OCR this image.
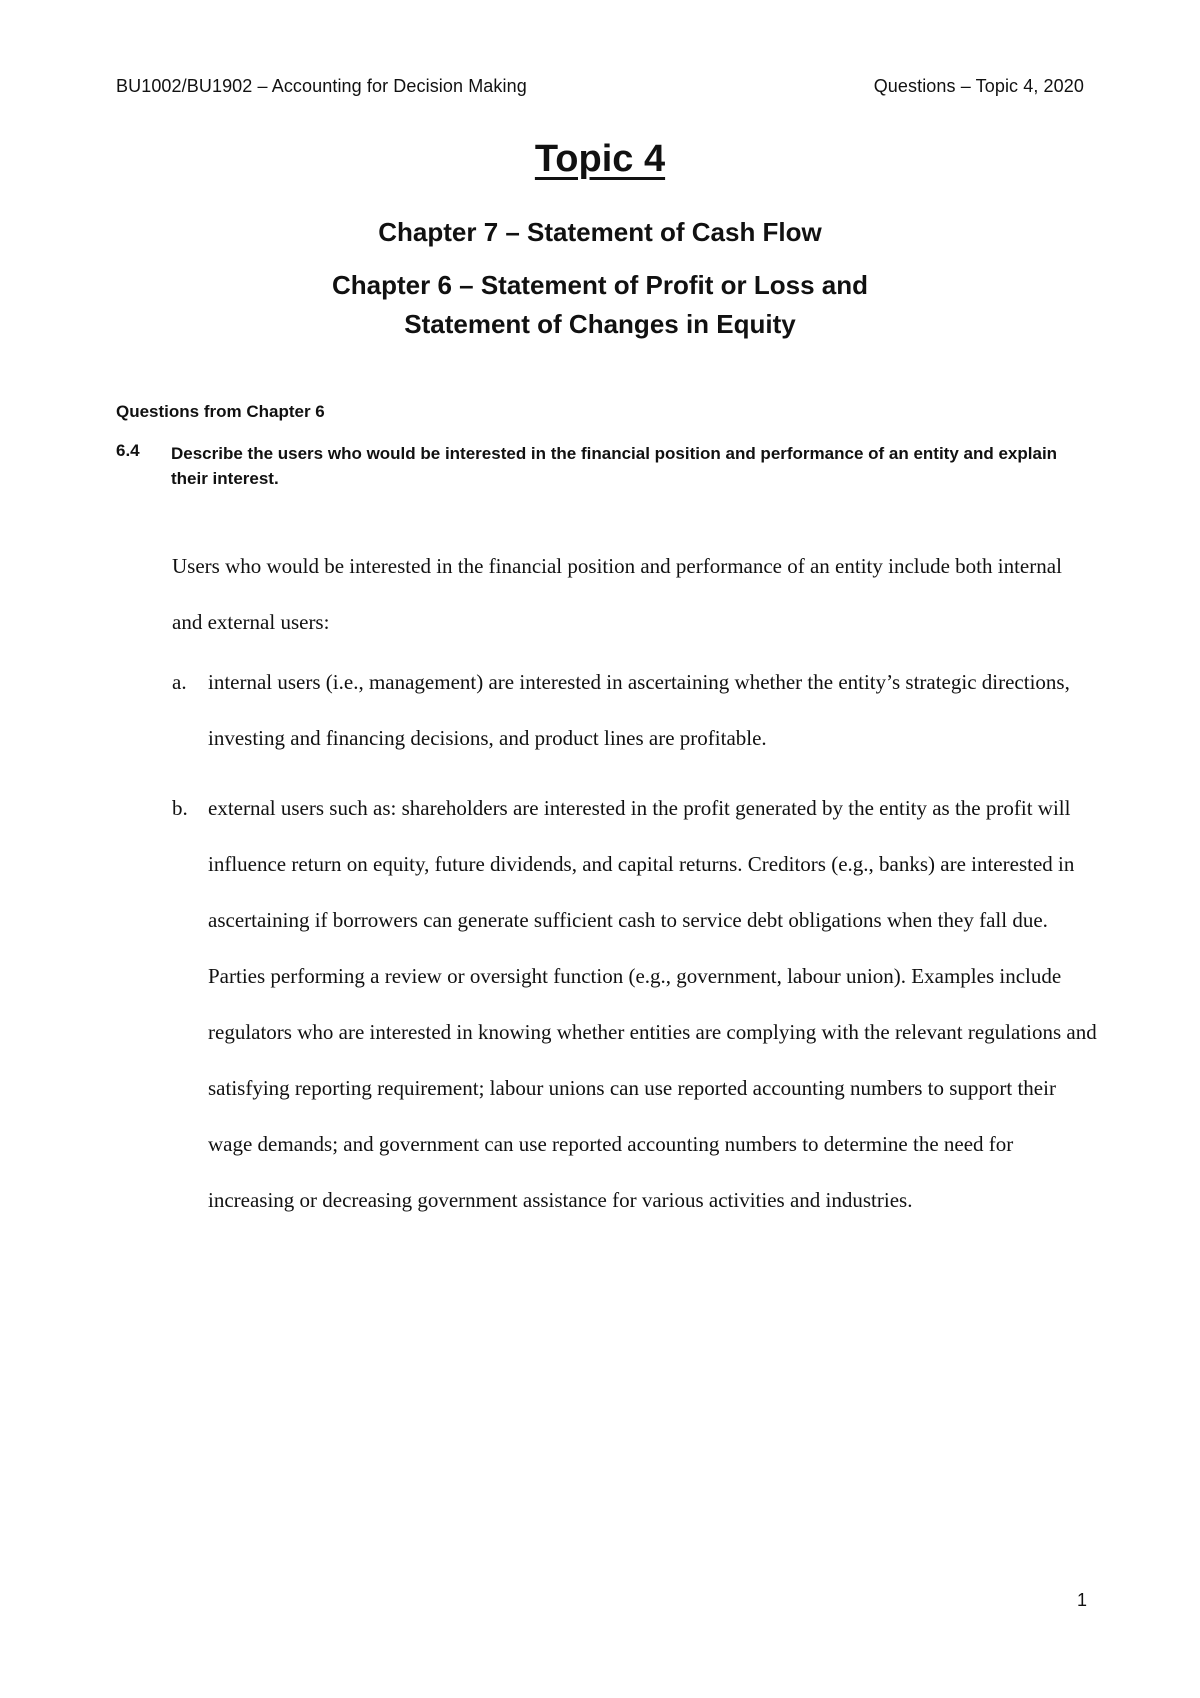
BU1002/BU1902 – Accounting for Decision Making	Questions – Topic 4, 2020
Topic 4
Chapter 7 – Statement of Cash Flow
Chapter 6 – Statement of Profit or Loss and
Statement of Changes in Equity
Questions from Chapter 6
6.4 Describe the users who would be interested in the financial position and performance of an entity and explain their interest.
Users who would be interested in the financial position and performance of an entity include both internal and external users:
a. internal users (i.e., management) are interested in ascertaining whether the entity’s strategic directions, investing and financing decisions, and product lines are profitable.
b. external users such as: shareholders are interested in the profit generated by the entity as the profit will influence return on equity, future dividends, and capital returns. Creditors (e.g., banks) are interested in ascertaining if borrowers can generate sufficient cash to service debt obligations when they fall due. Parties performing a review or oversight function (e.g., government, labour union). Examples include regulators who are interested in knowing whether entities are complying with the relevant regulations and satisfying reporting requirement; labour unions can use reported accounting numbers to support their wage demands; and government can use reported accounting numbers to determine the need for increasing or decreasing government assistance for various activities and industries.
1
